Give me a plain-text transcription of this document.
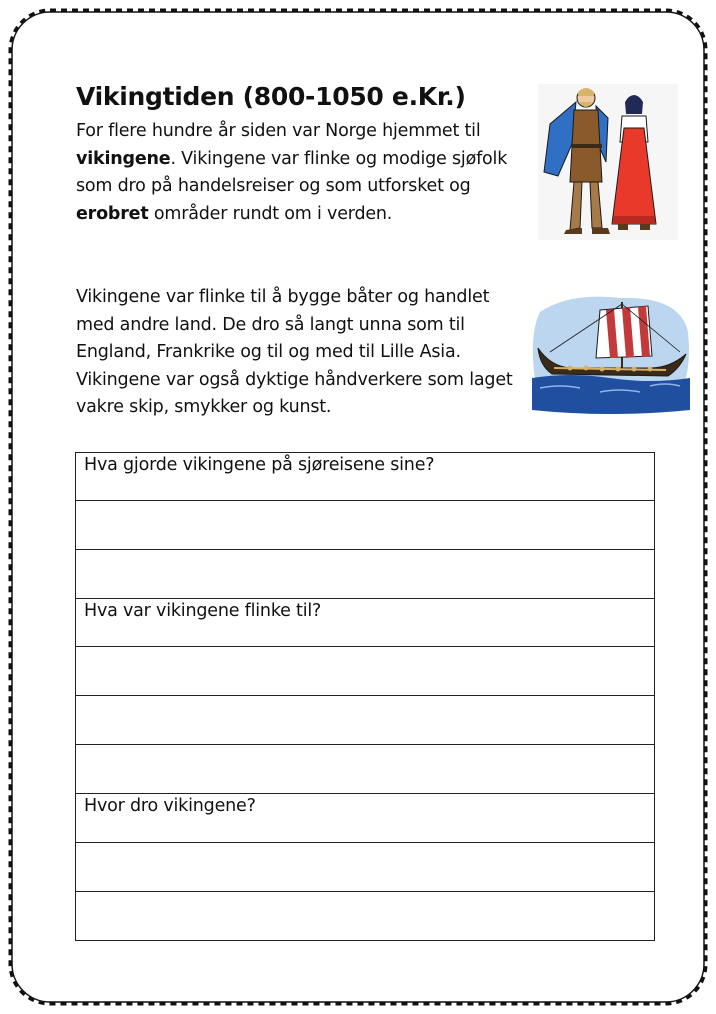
Vikingtiden (800-1050 e.Kr.)

For flere hundre år siden var Norge hjemmet til vikingene. Vikingene var flinke og modige sjøfolk som dro på handelsreiser og som utforsket og erobret områder rundt om i verden.

Vikingene var flinke til å bygge båter og handlet med andre land. De dro så langt unna som til England, Frankrike og til og med til Lille Asia. Vikingene var også dyktige håndverkere som laget vakre skip, smykker og kunst.

Hva gjorde vikingene på sjøreisene sine?

Hva var vikingene flinke til?

Hvor dro vikingene?
